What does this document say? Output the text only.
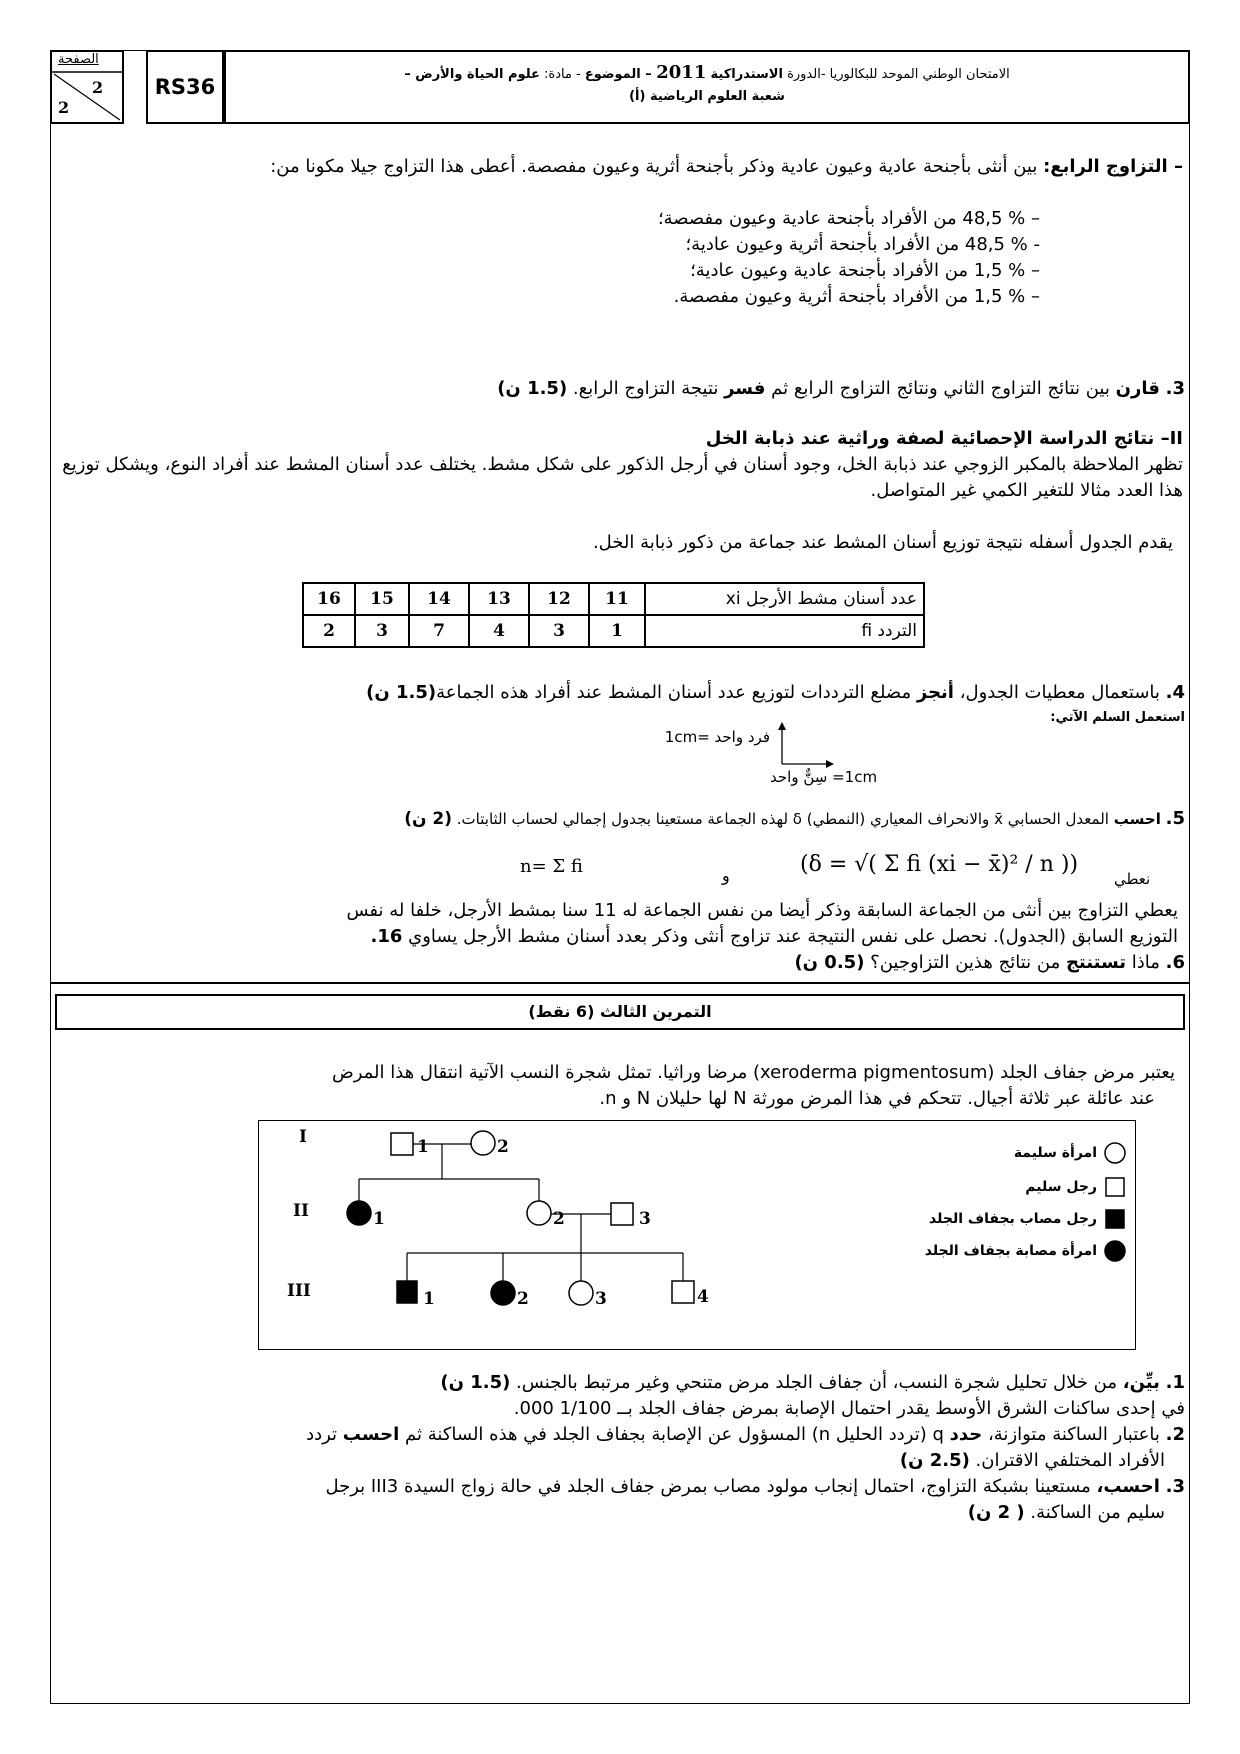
الامتحان الوطني الموحد للبكالوريا -الدورة الاستدراكية 2011 – الموضوع - مادة: علوم الحياة والأرض –
شعبة العلوم الرياضية (أ)
RS36
الصفحة
2
2
– التزاوج الرابع: بين أنثى بأجنحة عادية وعيون عادية وذكر بأجنحة أثرية وعيون مفصصة. أعطى هذا التزاوج جيلا مكونا من:
– % 48,5 من الأفراد بأجنحة عادية وعيون مفصصة؛
- % 48,5 من الأفراد بأجنحة أثرية وعيون عادية؛
– % 1,5 من الأفراد بأجنحة عادية وعيون عادية؛
– % 1,5 من الأفراد بأجنحة أثرية وعيون مفصصة.
3. قارن بين نتائج التزاوج الثاني ونتائج التزاوج الرابع ثم فسر نتيجة التزاوج الرابع. (1.5 ن)
II– نتائج الدراسة الإحصائية لصفة وراثية عند ذبابة الخل
تظهر الملاحظة بالمكبر الزوجي عند ذبابة الخل، وجود أسنان في أرجل الذكور على شكل مشط. يختلف عدد أسنان المشط عند أفراد النوع، ويشكل توزيع هذا العدد مثالا للتغير الكمي غير المتواصل.
يقدم الجدول أسفله نتيجة توزيع أسنان المشط عند جماعة من ذكور ذبابة الخل.
عدد أسنان مشط الأرجل xi	11	12	13	14	15	16
التردد fi	1	3	4	7	3	2
4. باستعمال معطيات الجدول، أنجز مضلع الترددات لتوزيع عدد أسنان المشط عند أفراد هذه الجماعة(1.5 ن)
استعمل السلم الآتي:
فرد واحد =1cm
1cm= سِنٌّ واحد
5. احسب المعدل الحسابي x̄ والانحراف المعياري (النمطي) δ لهذه الجماعة مستعينا بجدول إجمالي لحساب الثابتات. (2 ن)
نعطي
(δ = √( Σ fi (xi − x̄)² / n ))
و
n= Σ fi
يعطي التزاوج بين أنثى من الجماعة السابقة وذكر أيضا من نفس الجماعة له 11 سنا بمشط الأرجل، خلفا له نفس
التوزيع السابق (الجدول). نحصل على نفس النتيجة عند تزاوج أنثى وذكر بعدد أسنان مشط الأرجل يساوي 16.
6. ماذا تستنتج من نتائج هذين التزاوجين؟ (0.5 ن)
التمرين الثالث (6 نقط)
يعتبر مرض جفاف الجلد (xeroderma pigmentosum) مرضا وراثيا. تمثل شجرة النسب الآتية انتقال هذا المرض
عند عائلة عبر ثلاثة أجيال. تتحكم في هذا المرض مورثة N لها حليلان N و n.
I
II
III
1	2
1	2	3
1	2	3	4
امرأة سليمة
رجل سليم
رجل مصاب بجفاف الجلد
امرأة مصابة بجفاف الجلد
1. بيِّن، من خلال تحليل شجرة النسب، أن جفاف الجلد مرض متنحي وغير مرتبط بالجنس. (1.5 ن)
في إحدى ساكنات الشرق الأوسط يقدر احتمال الإصابة بمرض جفاف الجلد بــ 1/100 000.
2. باعتبار الساكنة متوازنة، حدد q (تردد الحليل n) المسؤول عن الإصابة بجفاف الجلد في هذه الساكنة ثم احسب تردد
الأفراد المختلفي الاقتران. (2.5 ن)
3. احسب، مستعينا بشبكة التزاوج، احتمال إنجاب مولود مصاب بمرض جفاف الجلد في حالة زواج السيدة III3 برجل
سليم من الساكنة. ( 2 ن)
